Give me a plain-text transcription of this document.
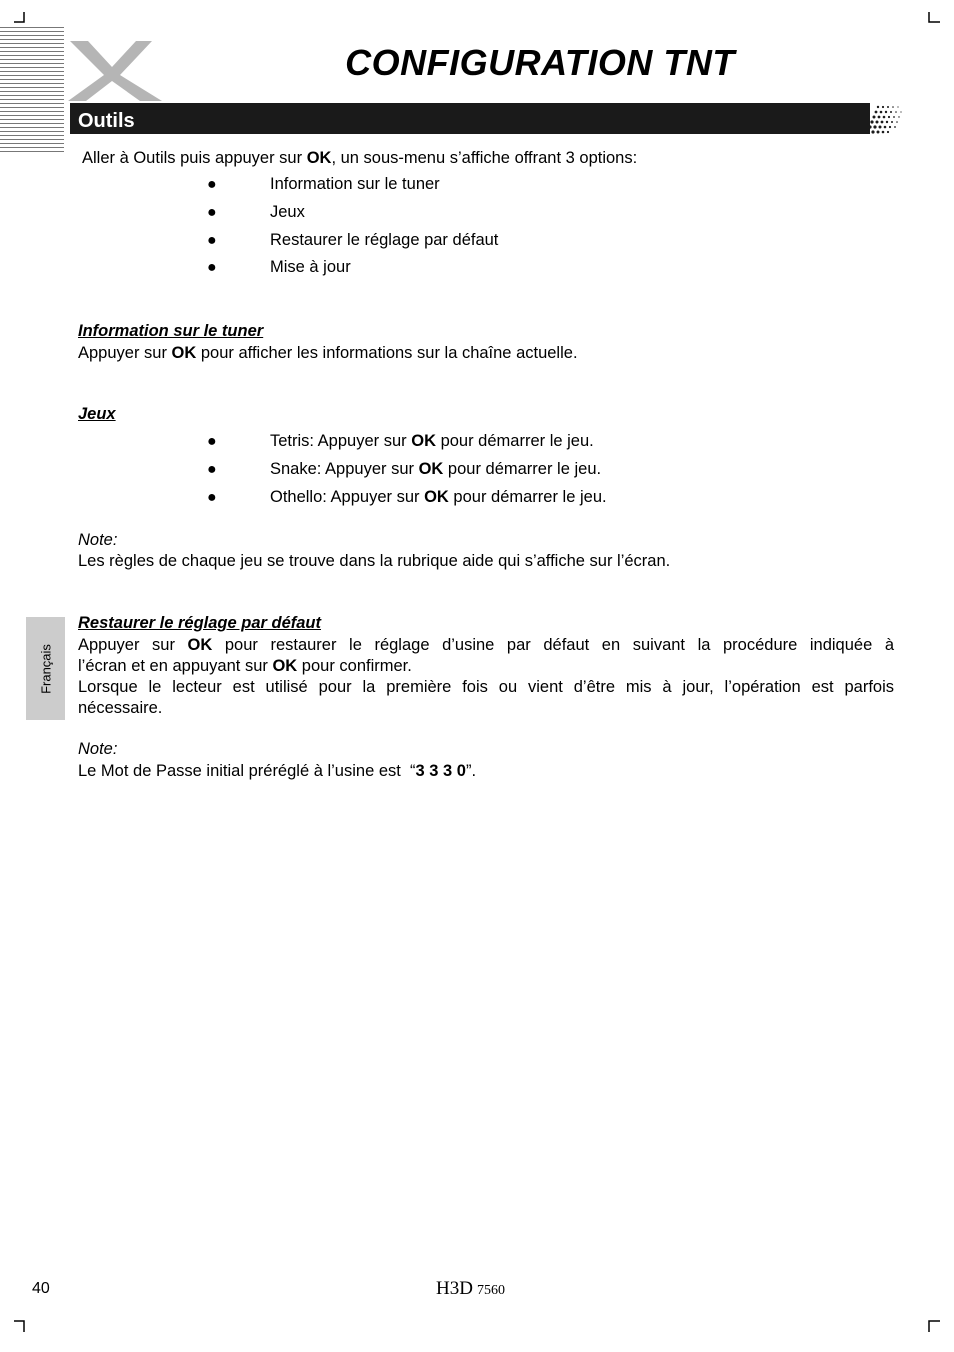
CONFIGURATION TNT
Outils
Aller à Outils puis appuyer sur OK, un sous-menu s’affiche offrant 3 options:
●	Information sur le tuner
●	Jeux
●	Restaurer le réglage par défaut
●	Mise à jour
Information sur le tuner
Appuyer sur OK pour afficher les informations sur la chaîne actuelle.
Jeux
●	Tetris: Appuyer sur OK pour démarrer le jeu.
●	Snake: Appuyer sur OK pour démarrer le jeu.
●	Othello: Appuyer sur OK pour démarrer le jeu.
Note:
Les règles de chaque jeu se trouve dans la rubrique aide qui s’affiche sur l’écran.
Restaurer le réglage par défaut
Appuyer sur OK pour restaurer le réglage d’usine par défaut en suivant la procédure indiquée à
l’écran et en appuyant sur OK pour confirmer.
Lorsque le lecteur est utilisé pour la première fois ou vient d’être mis à jour, l’opération est parfois
nécessaire.
Note:
Le Mot de Passe initial préréglé à l’usine est  “3 3 3 0”.
Français
40	H3D 7560
